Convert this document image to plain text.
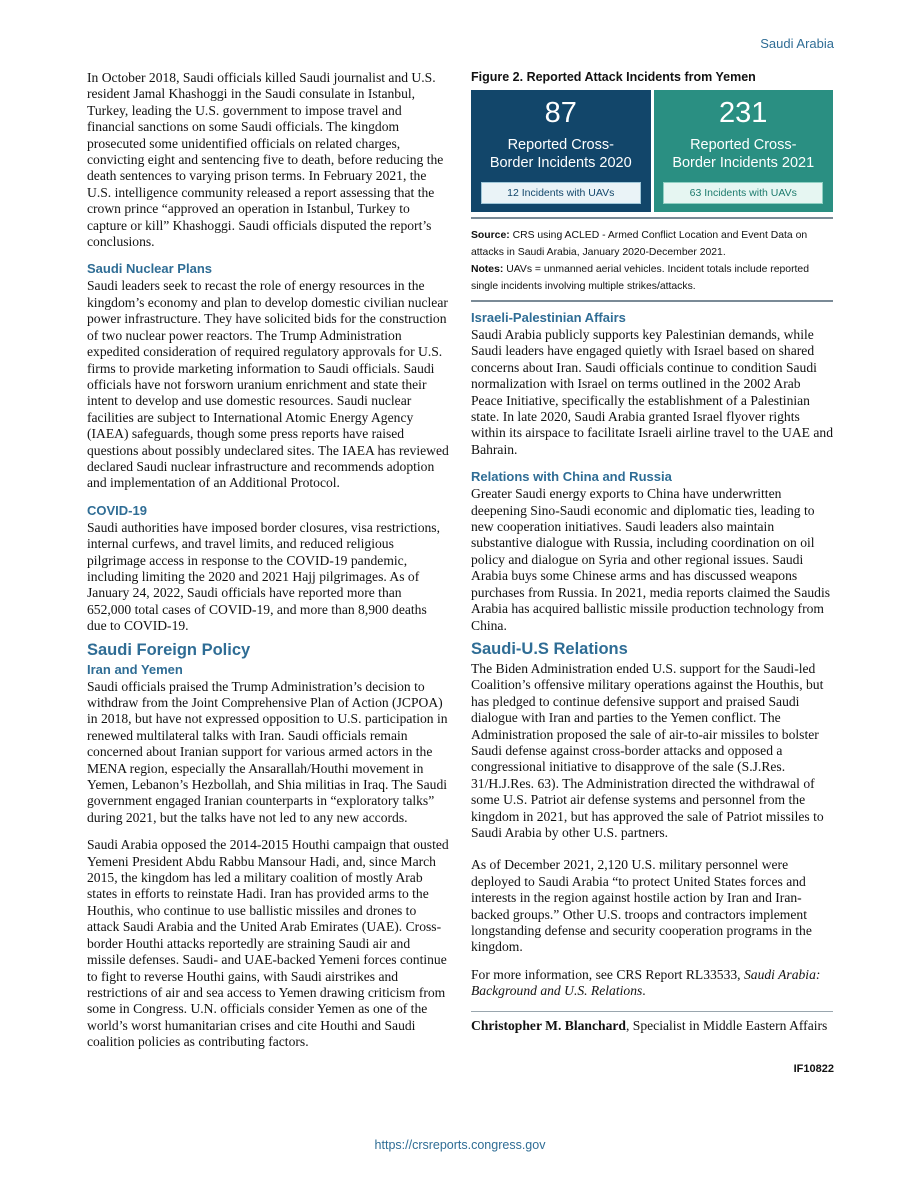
Saudi Arabia

In October 2018, Saudi officials killed Saudi journalist and U.S. resident Jamal Khashoggi in the Saudi consulate in Istanbul, Turkey, leading the U.S. government to impose travel and financial sanctions on some Saudi officials. The kingdom prosecuted some unidentified officials on related charges, convicting eight and sentencing five to death, before reducing the death sentences to varying prison terms. In February 2021, the U.S. intelligence community released a report assessing that the crown prince “approved an operation in Istanbul, Turkey to capture or kill” Khashoggi. Saudi officials disputed the report’s conclusions.

Saudi Nuclear Plans

Saudi leaders seek to recast the role of energy resources in the kingdom’s economy and plan to develop domestic civilian nuclear power infrastructure. They have solicited bids for the construction of two nuclear power reactors. The Trump Administration expedited consideration of required regulatory approvals for U.S. firms to provide marketing information to Saudi officials. Saudi officials have not forsworn uranium enrichment and state their intent to develop and use domestic resources. Saudi nuclear facilities are subject to International Atomic Energy Agency (IAEA) safeguards, though some press reports have raised questions about possibly undeclared sites. The IAEA has reviewed declared Saudi nuclear infrastructure and recommends adoption and implementation of an Additional Protocol.

COVID-19

Saudi authorities have imposed border closures, visa restrictions, internal curfews, and travel limits, and reduced religious pilgrimage access in response to the COVID-19 pandemic, including limiting the 2020 and 2021 Hajj pilgrimages. As of January 24, 2022, Saudi officials have reported more than 652,000 total cases of COVID-19, and more than 8,900 deaths due to COVID-19.

Saudi Foreign Policy
Iran and Yemen

Saudi officials praised the Trump Administration’s decision to withdraw from the Joint Comprehensive Plan of Action (JCPOA) in 2018, but have not expressed opposition to U.S. participation in renewed multilateral talks with Iran. Saudi officials remain concerned about Iranian support for various armed actors in the MENA region, especially the Ansarallah/Houthi movement in Yemen, Lebanon’s Hezbollah, and Shia militias in Iraq. The Saudi government engaged Iranian counterparts in “exploratory talks” during 2021, but the talks have not led to any new accords.

Saudi Arabia opposed the 2014-2015 Houthi campaign that ousted Yemeni President Abdu Rabbu Mansour Hadi, and, since March 2015, the kingdom has led a military coalition of mostly Arab states in efforts to reinstate Hadi. Iran has provided arms to the Houthis, who continue to use ballistic missiles and drones to attack Saudi Arabia and the United Arab Emirates (UAE). Cross-border Houthi attacks reportedly are straining Saudi air and missile defenses. Saudi- and UAE-backed Yemeni forces continue to fight to reverse Houthi gains, with Saudi airstrikes and restrictions of air and sea access to Yemen drawing criticism from some in Congress. U.N. officials consider Yemen as one of the world’s worst humanitarian crises and cite Houthi and Saudi coalition policies as contributing factors.

Figure 2. Reported Attack Incidents from Yemen
87
Reported Cross-
Border Incidents 2020
12 Incidents with UAVs
231
Reported Cross-
Border Incidents 2021
63 Incidents with UAVs

Source: CRS using ACLED - Armed Conflict Location and Event Data on attacks in Saudi Arabia, January 2020-December 2021.

Notes: UAVs = unmanned aerial vehicles. Incident totals include reported single incidents involving multiple strikes/attacks.

Israeli-Palestinian Affairs

Saudi Arabia publicly supports key Palestinian demands, while Saudi leaders have engaged quietly with Israel based on shared concerns about Iran. Saudi officials continue to condition Saudi normalization with Israel on terms outlined in the 2002 Arab Peace Initiative, specifically the establishment of a Palestinian state. In late 2020, Saudi Arabia granted Israel flyover rights within its airspace to facilitate Israeli airline travel to the UAE and Bahrain.

Relations with China and Russia

Greater Saudi energy exports to China have underwritten deepening Sino-Saudi economic and diplomatic ties, leading to new cooperation initiatives. Saudi leaders also maintain substantive dialogue with Russia, including coordination on oil policy and dialogue on Syria and other regional issues. Saudi Arabia buys some Chinese arms and has discussed weapons purchases from Russia. In 2021, media reports claimed the Saudis Arabia has acquired ballistic missile production technology from China.

Saudi-U.S Relations

The Biden Administration ended U.S. support for the Saudi-led Coalition’s offensive military operations against the Houthis, but has pledged to continue defensive support and praised Saudi dialogue with Iran and parties to the Yemen conflict. The Administration proposed the sale of air-to-air missiles to bolster Saudi defense against cross-border attacks and opposed a congressional initiative to disapprove of the sale (S.J.Res. 31/H.J.Res. 63). The Administration directed the withdrawal of some U.S. Patriot air defense systems and personnel from the kingdom in 2021, but has approved the sale of Patriot missiles to Saudi Arabia by other U.S. partners.

As of December 2021, 2,120 U.S. military personnel were deployed to Saudi Arabia “to protect United States forces and interests in the region against hostile action by Iran and Iran-backed groups.” Other U.S. troops and contractors implement longstanding defense and security cooperation programs in the kingdom.

For more information, see CRS Report RL33533, Saudi Arabia: Background and U.S. Relations.

Christopher M. Blanchard, Specialist in Middle Eastern Affairs
IF10822
https://crsreports.congress.gov
